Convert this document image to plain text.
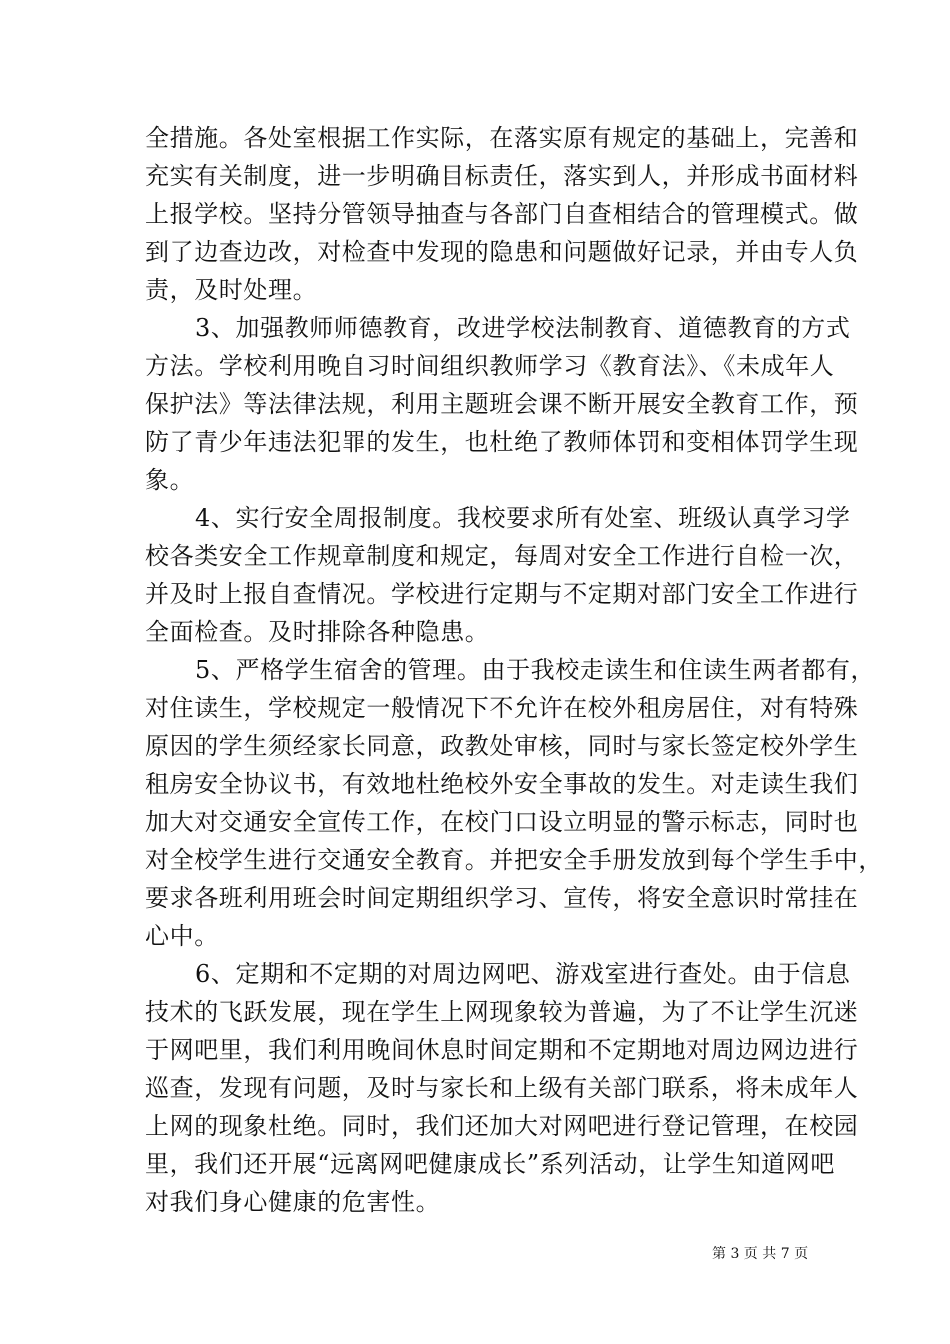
全措施。各处室根据工作实际，在落实原有规定的基础上，完善和
充实有关制度，进一步明确目标责任，落实到人，并形成书面材料
上报学校。坚持分管领导抽查与各部门自查相结合的管理模式。做
到了边查边改，对检查中发现的隐患和问题做好记录，并由专人负
责，及时处理。
3、加强教师师德教育，改进学校法制教育、道德教育的方式
方法。学校利用晚自习时间组织教师学习《教育法》、《未成年人
保护法》等法律法规，利用主题班会课不断开展安全教育工作，预
防了青少年违法犯罪的发生，也杜绝了教师体罚和变相体罚学生现
象。
4、实行安全周报制度。我校要求所有处室、班级认真学习学
校各类安全工作规章制度和规定，每周对安全工作进行自检一次，
并及时上报自查情况。学校进行定期与不定期对部门安全工作进行
全面检查。及时排除各种隐患。
5、严格学生宿舍的管理。由于我校走读生和住读生两者都有，
对住读生，学校规定一般情况下不允许在校外租房居住，对有特殊
原因的学生须经家长同意，政教处审核，同时与家长签定校外学生
租房安全协议书，有效地杜绝校外安全事故的发生。对走读生我们
加大对交通安全宣传工作，在校门口设立明显的警示标志，同时也
对全校学生进行交通安全教育。并把安全手册发放到每个学生手中，
要求各班利用班会时间定期组织学习、宣传，将安全意识时常挂在
心中。
6、定期和不定期的对周边网吧、游戏室进行查处。由于信息
技术的飞跃发展，现在学生上网现象较为普遍，为了不让学生沉迷
于网吧里，我们利用晚间休息时间定期和不定期地对周边网边进行
巡查，发现有问题，及时与家长和上级有关部门联系，将未成年人
上网的现象杜绝。同时，我们还加大对网吧进行登记管理，在校园
里，我们还开展“远离网吧健康成长”系列活动，让学生知道网吧
对我们身心健康的危害性。
第 3 页 共 7 页
